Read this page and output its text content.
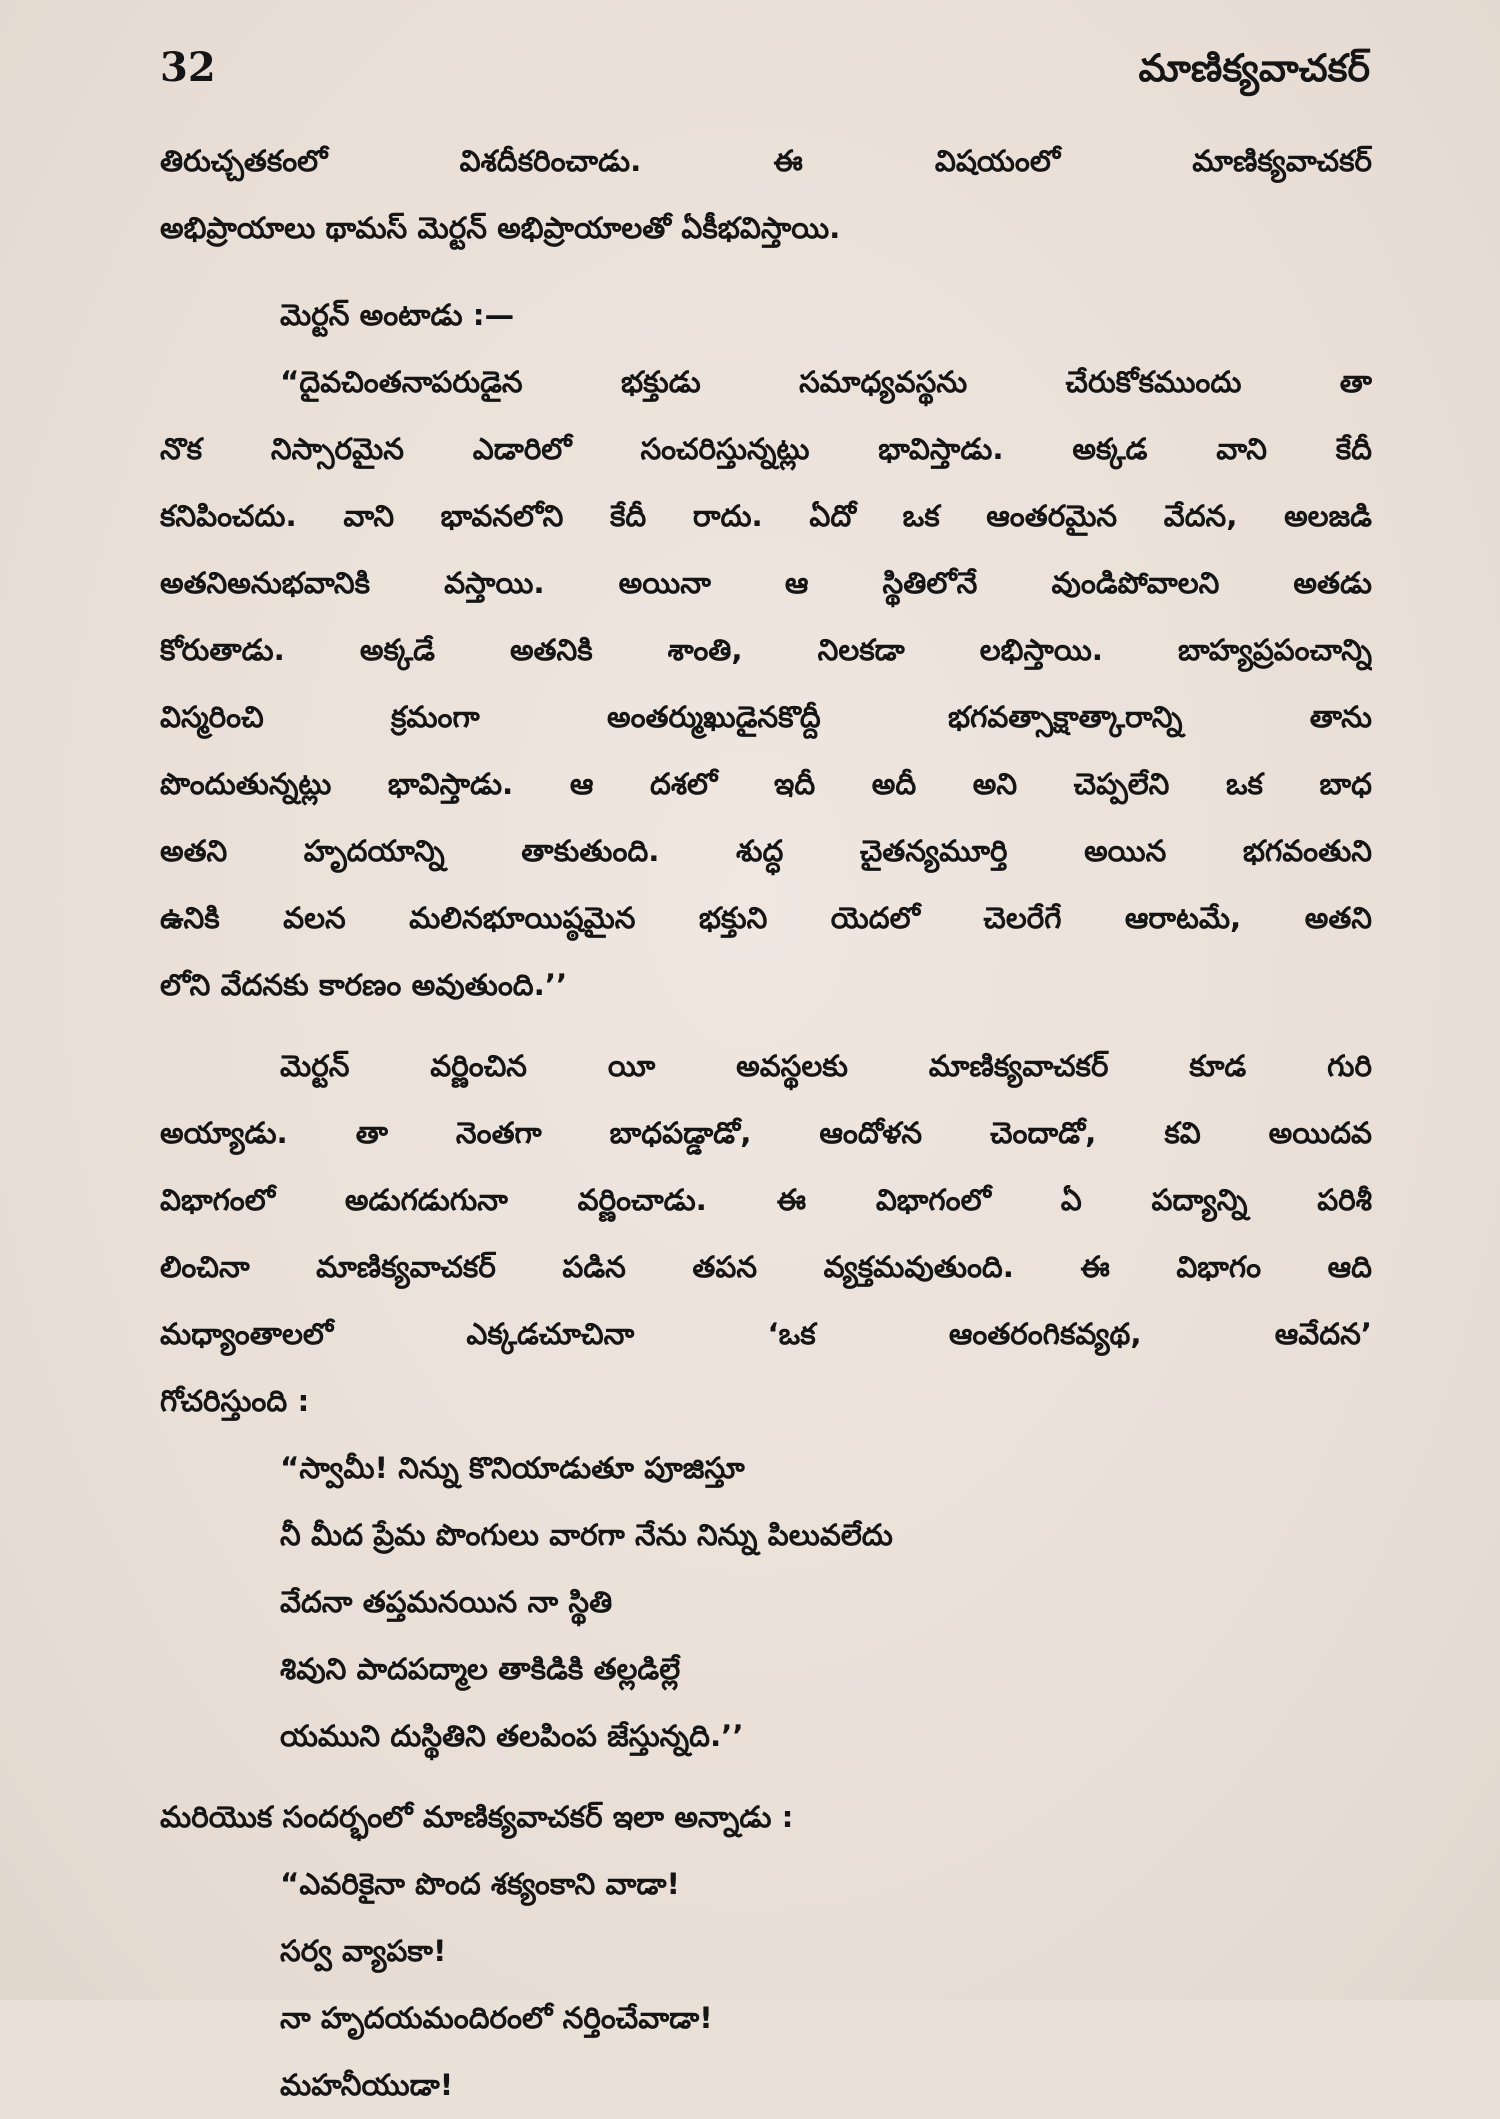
32	మాణిక్యవాచకర్
తిరుచ్చతకంలో విశదీకరించాడు. ఈ విషయంలో మాణిక్యవాచకర్
అభిప్రాయాలు థామస్ మెర్టన్ అభిప్రాయాలతో ఏకీభవిస్తాయి.
మెర్టన్ అంటాడు :—
“దైవచింతనాపరుడైన భక్తుడు సమాధ్యవస్థను చేరుకోకముందు తా
నొక నిస్సారమైన ఎడారిలో సంచరిస్తున్నట్లు భావిస్తాడు. అక్కడ వాని కేదీ
కనిపించదు. వాని భావనలోని కేదీ రాదు. ఏదో ఒక ఆంతరమైన వేదన, అలజడి
అతనిఅనుభవానికి వస్తాయి. అయినా ఆ స్థితిలోనే వుండిపోవాలని అతడు
కోరుతాడు. అక్కడే అతనికి శాంతి, నిలకడా లభిస్తాయి. బాహ్యప్రపంచాన్ని
విస్మరించి క్రమంగా అంతర్ముఖుడైనకొద్దీ భగవత్సాక్షాత్కారాన్ని తాను
పొందుతున్నట్లు భావిస్తాడు. ఆ దశలో ఇదీ అదీ అని చెప్పలేని ఒక బాధ
అతని హృదయాన్ని తాకుతుంది. శుద్ధ చైతన్యమూర్తి అయిన భగవంతుని
ఉనికి వలన మలినభూయిష్ఠమైన భక్తుని యెదలో చెలరేగే ఆరాటమే, అతని
లోని వేదనకు కారణం అవుతుంది.’’
మెర్టన్ వర్ణించిన యీ అవస్థలకు మాణిక్యవాచకర్ కూడ గురి
అయ్యాడు. తా నెంతగా బాధపడ్డాడో, ఆందోళన చెందాడో, కవి అయిదవ
విభాగంలో అడుగడుగునా వర్ణించాడు. ఈ విభాగంలో ఏ పద్యాన్ని పరిశీ
లించినా మాణిక్యవాచకర్ పడిన తపన వ్యక్తమవుతుంది. ఈ విభాగం ఆది
మధ్యాంతాలలో ఎక్కడచూచినా ‘ఒక ఆంతరంగికవ్యథ, ఆవేదన’
గోచరిస్తుంది :
“స్వామీ! నిన్ను కొనియాడుతూ పూజిస్తూ
నీ మీద ప్రేమ పొంగులు వారగా నేను నిన్ను పిలువలేదు
వేదనా తప్తమనయిన నా స్థితి
శివుని పాదపద్మాల తాకిడికి తల్లడిల్లే
యముని దుస్థితిని తలపింప జేస్తున్నది.’’
మరియొక సందర్భంలో మాణిక్యవాచకర్ ఇలా అన్నాడు :
“ఎవరికైనా పొంద శక్యంకాని వాడా!
సర్వ వ్యాపకా!
నా హృదయమందిరంలో నర్తించేవాడా!
మహనీయుడా!
